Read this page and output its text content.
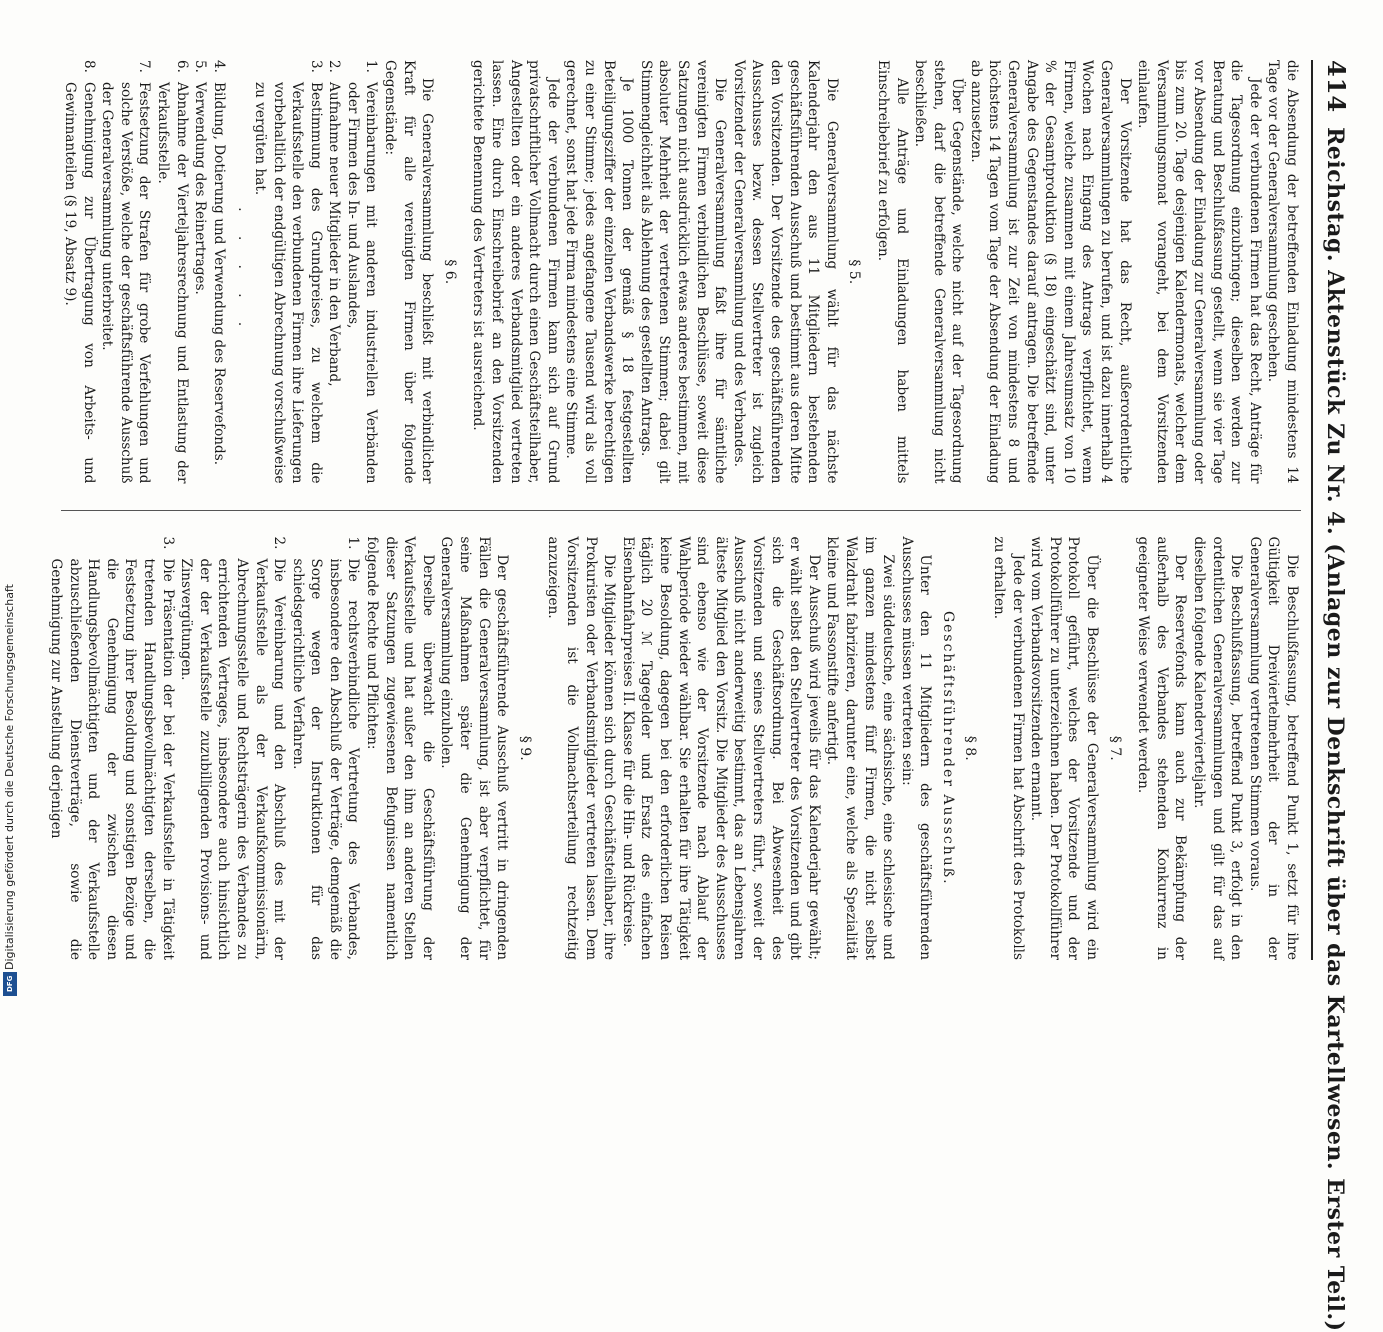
Digitalisierung gefördert durch die Deutsche Forschungsgemeinschaft
DFG
414
Reichstag. Aktenstück Zu Nr. 4. (Anlagen zur Denkschrift über das Kartellwesen. Erster Teil.)

die Absendung der betreffenden Einladung mindestens 14 Tage vor der Generalversammlung geschehen.

Jede der verbundenen Firmen hat das Recht, Anträge für die Tagesordnung einzubringen; dieselben werden zur Beratung und Beschlußfassung gestellt, wenn sie vier Tage vor Absendung der Einladung zur Generalversammlung oder bis zum 20. Tage desjenigen Kalendermonats, welcher dem Versammlungsmonat vorangeht, bei dem Vorsitzenden einlaufen.

Der Vorsitzende hat das Recht, außerordentliche Generalversammlungen zu berufen, und ist dazu innerhalb 4 Wochen nach Eingang des Antrags verpflichtet, wenn Firmen, welche zusammen mit einem Jahresumsatz von 10 % der Gesamtproduktion (§ 18) eingeschätzt sind, unter Angabe des Gegenstandes darauf antragen. Die betreffende Generalversammlung ist zur Zeit von mindestens 8 und höchstens 14 Tagen vom Tage der Absendung der Einladung ab anzusetzen.

Über Gegenstände, welche nicht auf der Tagesordnung stehen, darf die betreffende Generalversammlung nicht beschließen.

Alle Anträge und Einladungen haben mittels Einschreibebrief zu erfolgen.

§ 5.

Die Generalversammlung wählt für das nächste Kalenderjahr den aus 11 Mitgliedern bestehenden geschäftsführenden Ausschuß und bestimmt aus deren Mitte den Vorsitzenden. Der Vorsitzende des geschäftsführenden Ausschusses bezw. dessen Stellvertreter ist zugleich Vorsitzender der Generalversammlung und des Verbandes.

Die Generalversammlung faßt ihre für sämtliche vereinigten Firmen verbindlichen Beschlüsse, soweit diese Satzungen nicht ausdrücklich etwas anderes bestimmen, mit absoluter Mehrheit der vertretenen Stimmen; dabei gilt Stimmengleichheit als Ablehnung des gestellten Antrags.

Je 1000 Tonnen der gemäß § 18 festgestellten Beteiligungsziffer der einzelnen Verbandswerke berechtigen zu einer Stimme; jedes angefangene Tausend wird als voll gerechnet, sonst hat jede Firma mindestens eine Stimme.

Jede der verbundenen Firmen kann sich auf Grund privatschriftlicher Vollmacht durch einen Geschäftsteilhaber, Angestellten oder ein anderes Verbandsmitglied vertreten lassen. Eine durch Einschreibebrief an den Vorsitzenden gerichtete Benennung des Vertreters ist ausreichend.

§ 6.

Die Generalversammlung beschließt mit verbindlicher Kraft für alle vereinigten Firmen über folgende Gegenstände:

1.
Vereinbarungen mit anderen industriellen Verbänden oder Firmen des In- und Auslandes,
2.
Aufnahme neuer Mitglieder in den Verband,
3.
Bestimmung des Grundpreises, zu welchem die Verkaufsstelle den verbundenen Firmen ihre Lieferungen vorbehaltlich der endgültigen Abrechnung vorschußweise zu vergüten hat.
· · · · ·
4.
Bildung, Dotierung und Verwendung des Reservefonds.
5.
Verwendung des Reinertrages.
6.
Abnahme der Vierteljahresrechnung und Entlastung der Verkaufsstelle.
7.
Festsetzung der Strafen für grobe Verfehlungen und solche Verstöße, welche der geschäftsführende Ausschuß der Generalversammlung unterbreitet.
8.
Genehmigung zur Übertragung von Arbeits- und Gewinnanteilen (§ 19, Absatz 9).

Die Beschlußfassung, betreffend Punkt 1, setzt für ihre Gültigkeit Dreiviertelmehrheit der in der Generalversammlung vertretenen Stimmen voraus.

Die Beschlußfassung, betreffend Punkt 3, erfolgt in den ordentlichen Generalversammlungen und gilt für das auf dieselben folgende Kalendervierteljahr.

Der Reservefonds kann auch zur Bekämpfung der außerhalb des Verbandes stehenden Konkurrenz in geeigneter Weise verwendet werden.

§ 7.

Über die Beschlüsse der Generalversammlung wird ein Protokoll geführt, welches der Vorsitzende und der Protokollführer zu unterzeichnen haben. Der Protokollführer wird vom Verbandsvorsitzenden ernannt.

Jede der verbundenen Firmen hat Abschrift des Protokolls zu erhalten.

§ 8.
Geschäftsführender Ausschuß.

Unter den 11 Mitgliedern des geschäftsführenden Ausschusses müssen vertreten sein:

Zwei süddeutsche, eine sächsische, eine schlesische und im ganzen mindestens fünf Firmen, die nicht selbst Walzdraht fabrizieren, darunter eine, welche als Spezialität kleine und Fassonstifte anfertigt.

Der Ausschuß wird jeweils für das Kalenderjahr gewählt; er wählt selbst den Stellvertreter des Vorsitzenden und gibt sich die Geschäftsordnung. Bei Abwesenheit des Vorsitzenden und seines Stellvertreters führt, soweit der Ausschuß nicht anderweitig bestimmt, das an Lebensjahren älteste Mitglied den Vorsitz. Die Mitglieder des Ausschusses sind ebenso wie der Vorsitzende nach Ablauf der Wahlperiode wieder wählbar. Sie erhalten für ihre Tätigkeit keine Besoldung, dagegen bei den erforderlichen Reisen täglich 20 ℳ Tagegelder und Ersatz des einfachen Eisenbahnfahrpreises II. Klasse für die Hin- und Rückreise.

Die Mitglieder können sich durch Geschäftsteilhaber, ihre Prokuristen oder Verbandsmitglieder vertreten lassen. Dem Vorsitzenden ist die Vollmachtserteilung rechtzeitig anzuzeigen.

§ 9.

Der geschäftsführende Ausschuß vertritt in dringenden Fällen die Generalversammlung, ist aber verpflichtet, für seine Maßnahmen später die Genehmigung der Generalversammlung einzuholen.

Derselbe überwacht die Geschäftsführung der Verkaufsstelle und hat außer den ihm an anderen Stellen dieser Satzungen zugewiesenen Befugnissen namentlich folgende Rechte und Pflichten:

1.
Die rechtsverbindliche Vertretung des Verbandes, insbesondere den Abschluß der Verträge, demgemäß die Sorge wegen der Instruktionen für das schiedsgerichtliche Verfahren.
2.
Die Vereinbarung und den Abschluß des mit der Verkaufsstelle als der Verkaufskommissionärin, Abrechnungsstelle und Rechtsträgerin des Verbandes zu errichtenden Vertrages, insbesondere auch hinsichtlich der der Verkaufsstelle zuzubilligenden Provisions- und Zinsvergütungen.
3.
Die Präsentation der bei der Verkaufsstelle in Tätigkeit tretenden Handlungsbevollmächtigten derselben, die Festsetzung ihrer Besoldung und sonstigen Bezüge und die Genehmigung der zwischen diesen Handlungsbevollmächtigten und der Verkaufsstelle abzuschließenden Dienstverträge, sowie die Genehmigung zur Anstellung derjenigen
